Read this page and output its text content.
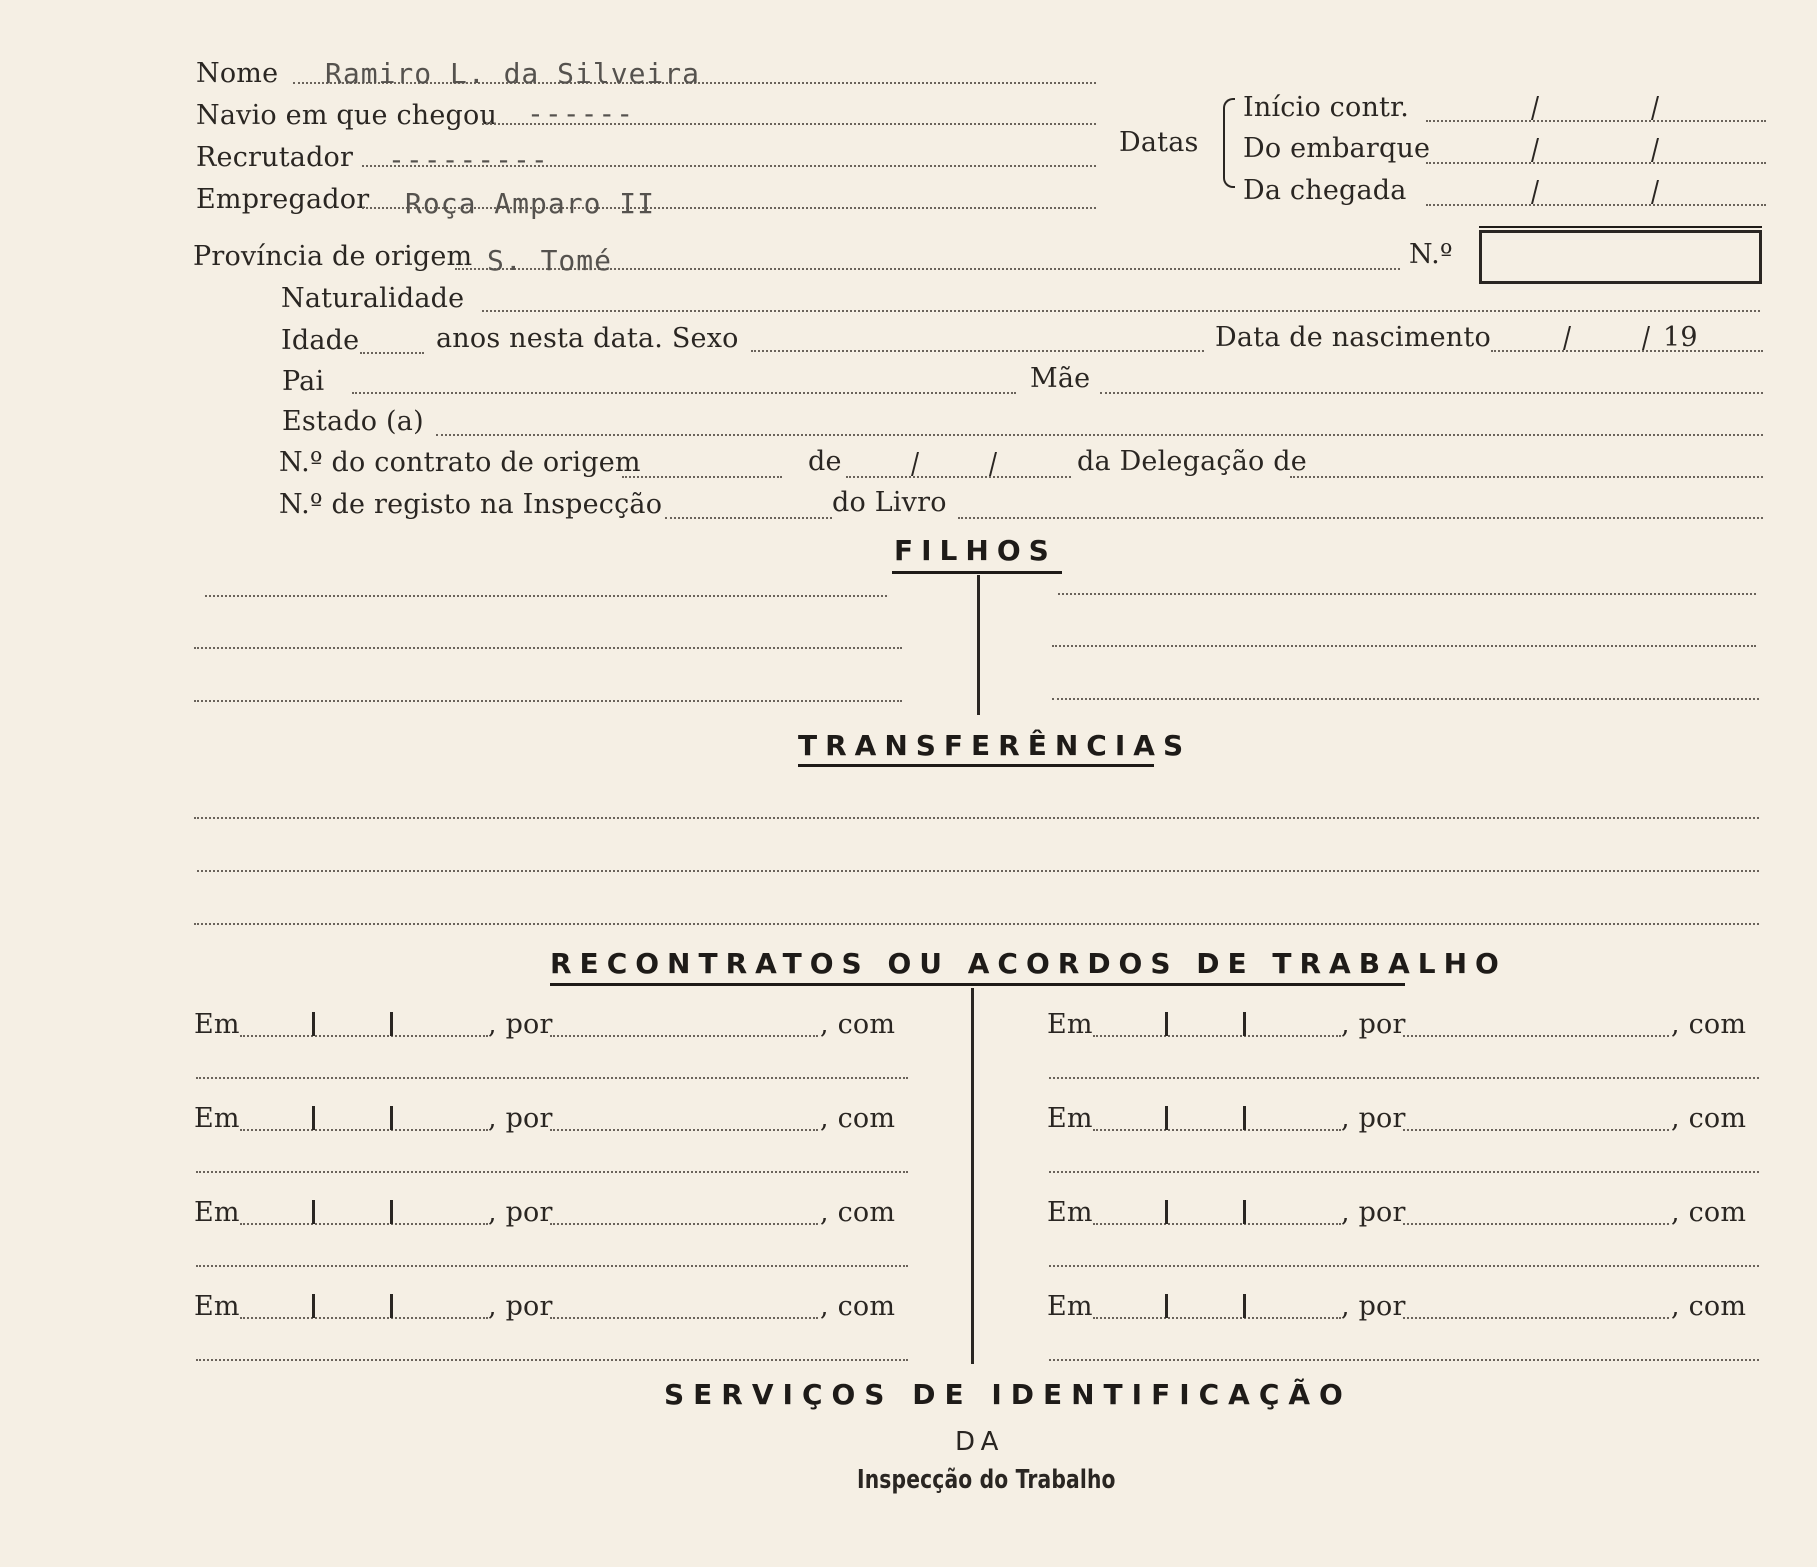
Nome Ramiro L. da Silveira
Navio em que chegou ------
Recrutador ---------
Empregador Roça Amparo II
Datas
Início contr.
Do embarque
Da chegada
Província de origem S. Tomé	N.º
Naturalidade
Idade	anos nesta data. Sexo	Data de nascimento	19
Pai	Mãe
Estado (a)
N.º do contrato de origem	de	da Delegação de
N.º de registo na Inspecção	do Livro
FILHOS
TRANSFERÊNCIAS
RECONTRATOS OU ACORDOS DE TRABALHO
Em	, por	, com
Em	, por	, com
Em	, por	, com
Em	, por	, com
Em	, por	, com
Em	, por	, com
Em	, por	, com
Em	, por	, com
SERVIÇOS DE IDENTIFICAÇÃO
DA
Inspecção do Trabalho
